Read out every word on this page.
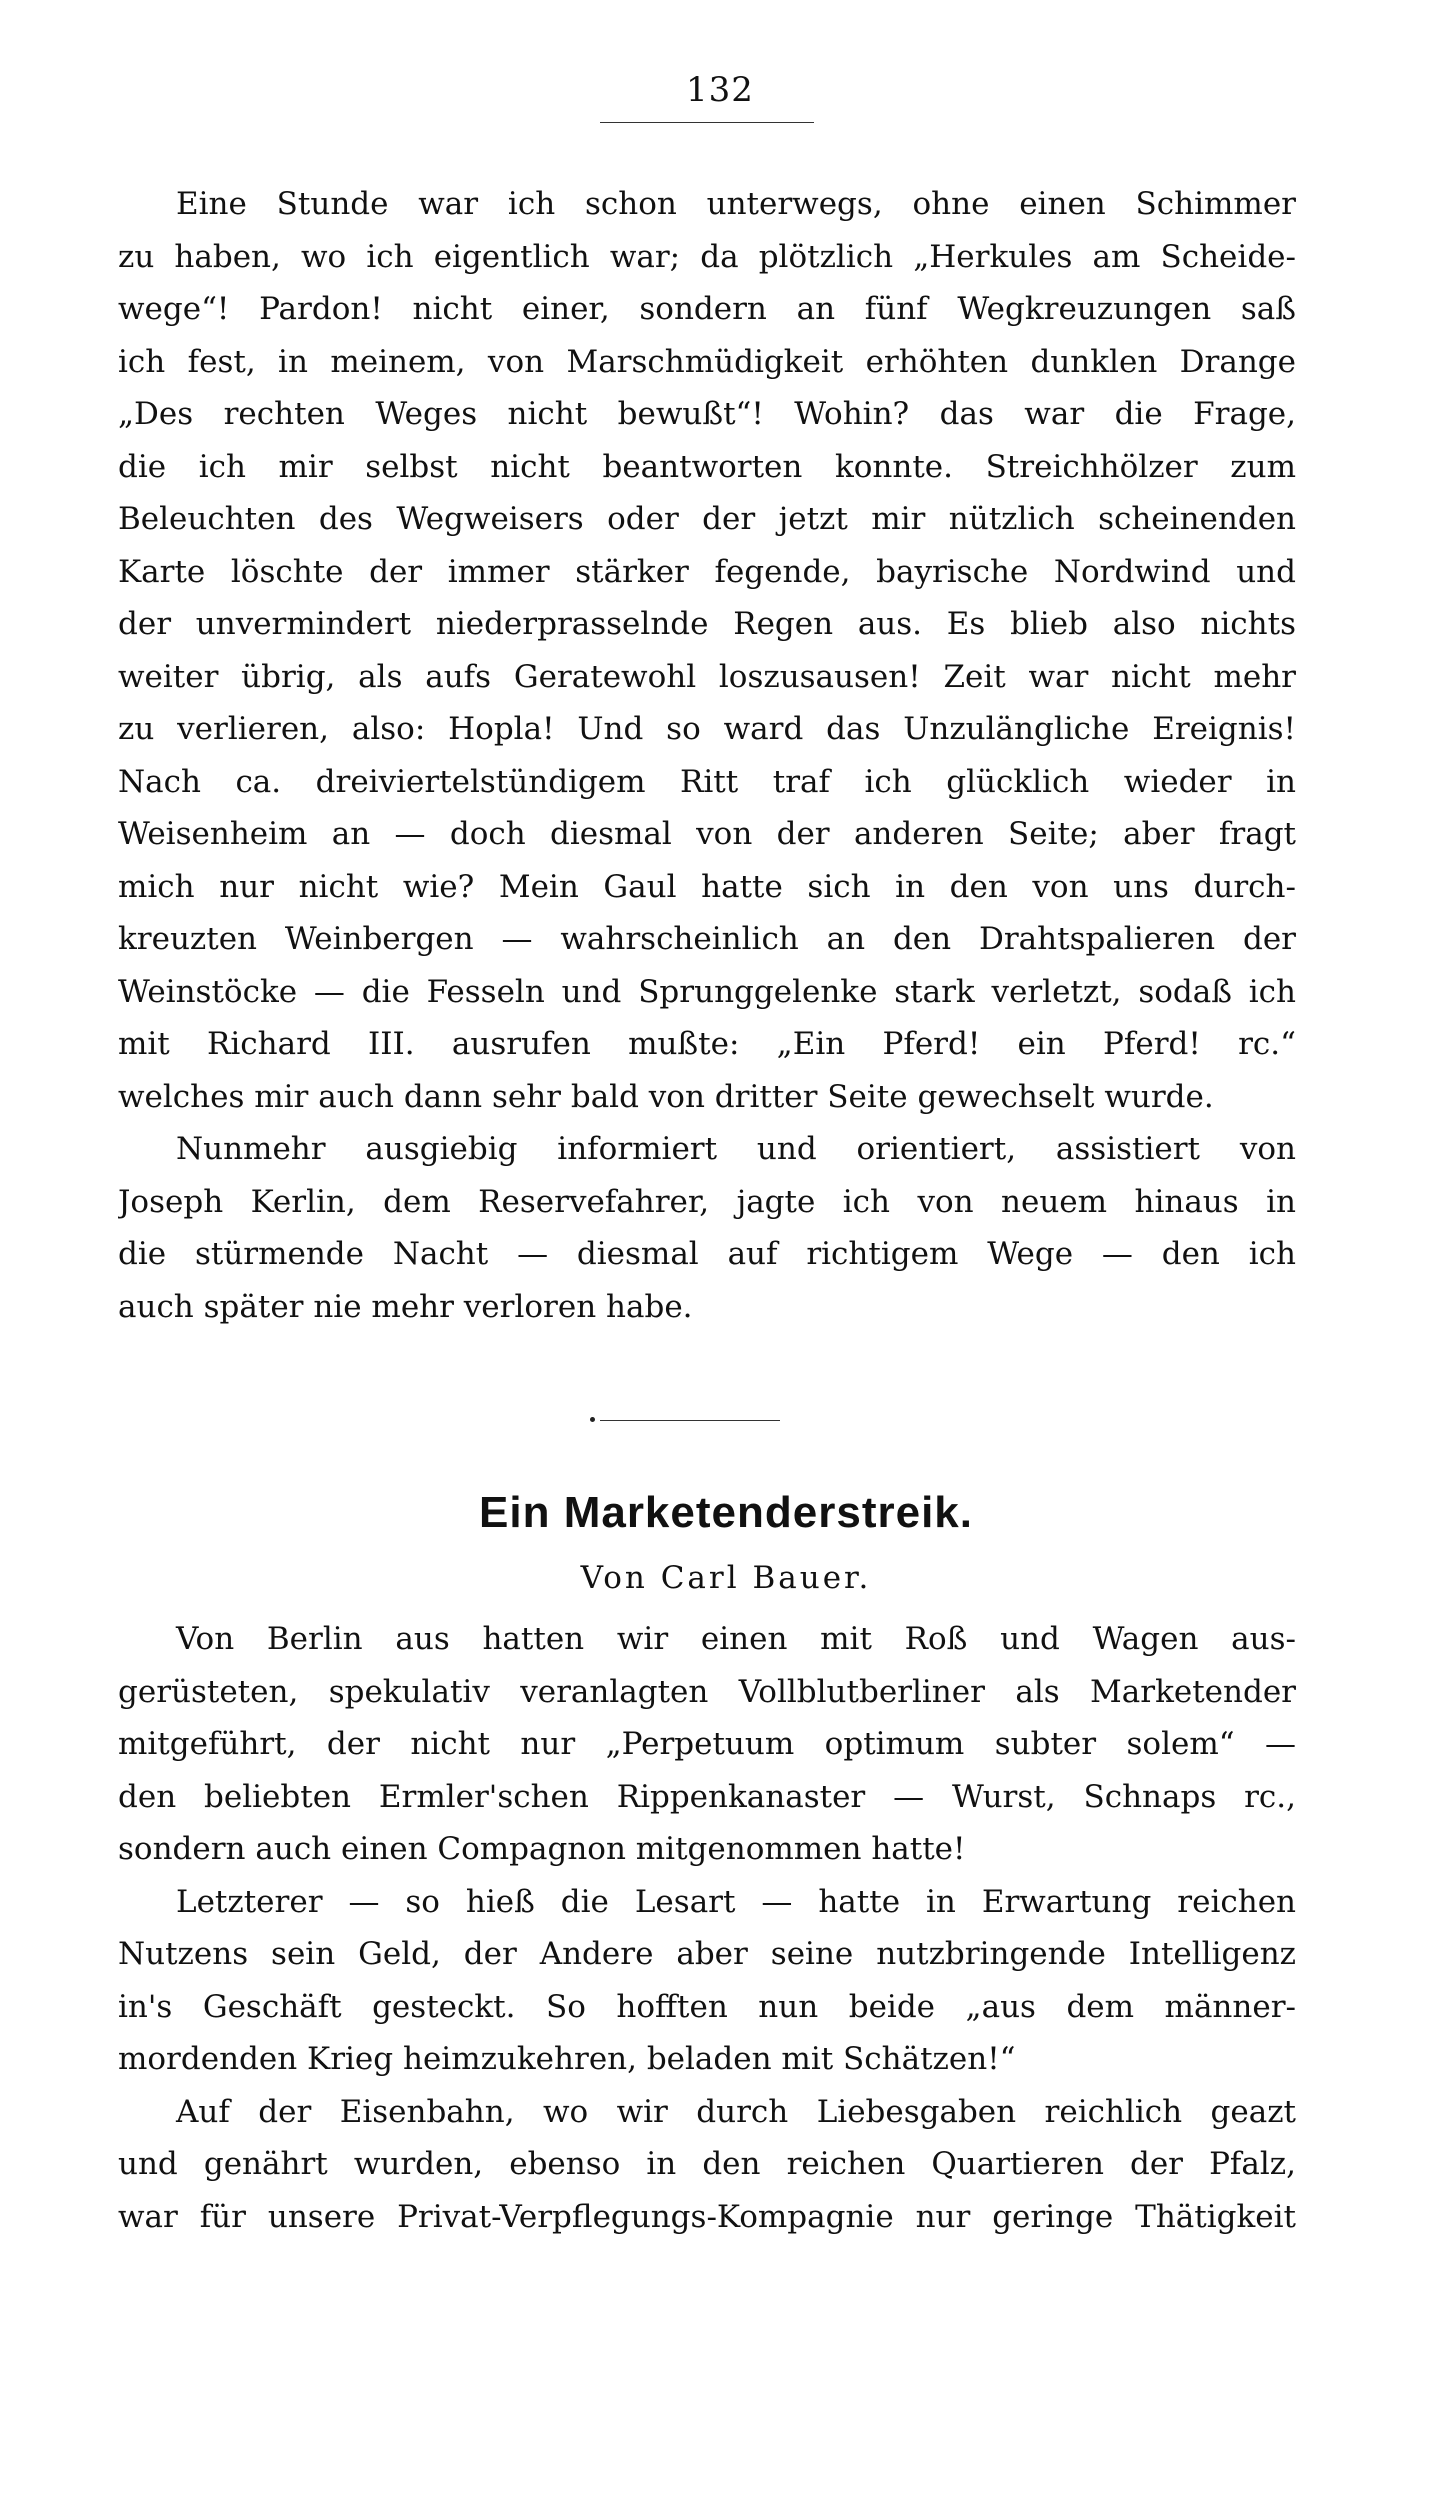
132
Eine Stunde war ich schon unterwegs, ohne einen Schimmer
zu haben, wo ich eigentlich war; da plötzlich „Herkules am Scheide-
wege“! Pardon! nicht einer, sondern an fünf Wegkreuzungen saß
ich fest, in meinem, von Marschmüdigkeit erhöhten dunklen Drange
„Des rechten Weges nicht bewußt“! Wohin? das war die Frage,
die ich mir selbst nicht beantworten konnte. Streichhölzer zum
Beleuchten des Wegweisers oder der jetzt mir nützlich scheinenden
Karte löschte der immer stärker fegende, bayrische Nordwind und
der unvermindert niederprasselnde Regen aus. Es blieb also nichts
weiter übrig, als aufs Geratewohl loszusausen! Zeit war nicht mehr
zu verlieren, also: Hopla! Und so ward das Unzulängliche Ereignis!
Nach ca. dreiviertelstündigem Ritt traf ich glücklich wieder in
Weisenheim an — doch diesmal von der anderen Seite; aber fragt
mich nur nicht wie? Mein Gaul hatte sich in den von uns durch-
kreuzten Weinbergen — wahrscheinlich an den Drahtspalieren der
Weinstöcke — die Fesseln und Sprunggelenke stark verletzt, sodaß ich
mit Richard III. ausrufen mußte: „Ein Pferd! ein Pferd! rc.“
welches mir auch dann sehr bald von dritter Seite gewechselt wurde.
Nunmehr ausgiebig informiert und orientiert, assistiert von
Joseph Kerlin, dem Reservefahrer, jagte ich von neuem hinaus in
die stürmende Nacht — diesmal auf richtigem Wege — den ich
auch später nie mehr verloren habe.
Ein Marketenderstreik.
Von Carl Bauer.
Von Berlin aus hatten wir einen mit Roß und Wagen aus-
gerüsteten, spekulativ veranlagten Vollblutberliner als Marketender
mitgeführt, der nicht nur „Perpetuum optimum subter solem“ —
den beliebten Ermler'schen Rippenkanaster — Wurst, Schnaps rc.,
sondern auch einen Compagnon mitgenommen hatte!
Letzterer — so hieß die Lesart — hatte in Erwartung reichen
Nutzens sein Geld, der Andere aber seine nutzbringende Intelligenz
in's Geschäft gesteckt. So hofften nun beide „aus dem männer-
mordenden Krieg heimzukehren, beladen mit Schätzen!“
Auf der Eisenbahn, wo wir durch Liebesgaben reichlich geazt
und genährt wurden, ebenso in den reichen Quartieren der Pfalz,
war für unsere Privat-Verpflegungs-Kompagnie nur geringe Thätigkeit
